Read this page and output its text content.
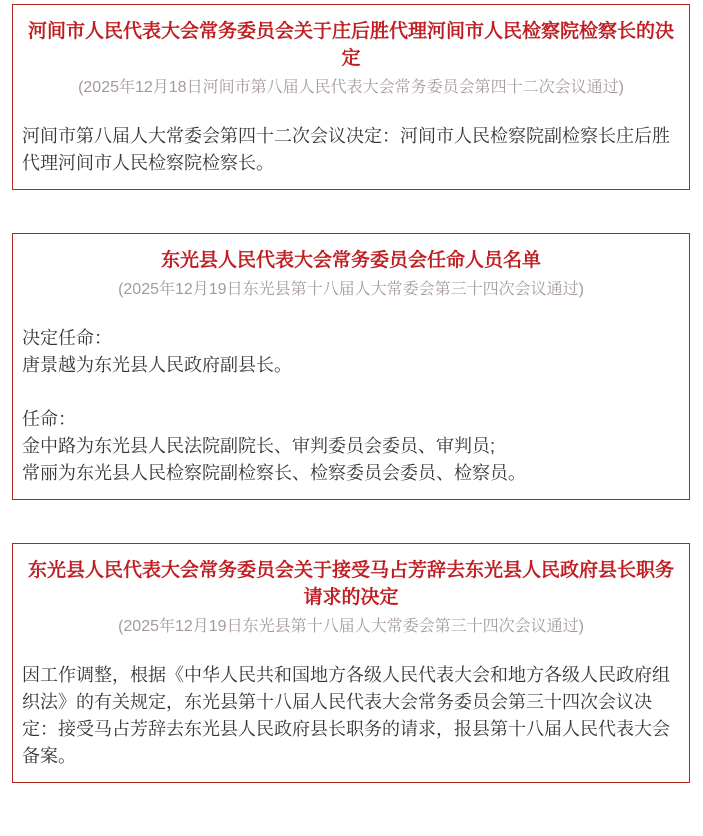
河间市人民代表大会常务委员会关于庄后胜代理河间市人民检察院检察长的决定

(2025年12月18日河间市第八届人民代表大会常务委员会第四十二次会议通过)

河间市第八届人大常委会第四十二次会议决定：河间市人民检察院副检察长庄后胜代理河间市人民检察院检察长。

东光县人民代表大会常务委员会任命人员名单

(2025年12月19日东光县第十八届人大常委会第三十四次会议通过)

决定任命：

唐景越为东光县人民政府副县长。

任命：

金中路为东光县人民法院副院长、审判委员会委员、审判员;

常丽为东光县人民检察院副检察长、检察委员会委员、检察员。

东光县人民代表大会常务委员会关于接受马占芳辞去东光县人民政府县长职务请求的决定

(2025年12月19日东光县第十八届人大常委会第三十四次会议通过)

因工作调整，根据《中华人民共和国地方各级人民代表大会和地方各级人民政府组织法》的有关规定，东光县第十八届人民代表大会常务委员会第三十四次会议决定：接受马占芳辞去东光县人民政府县长职务的请求，报县第十八届人民代表大会备案。
